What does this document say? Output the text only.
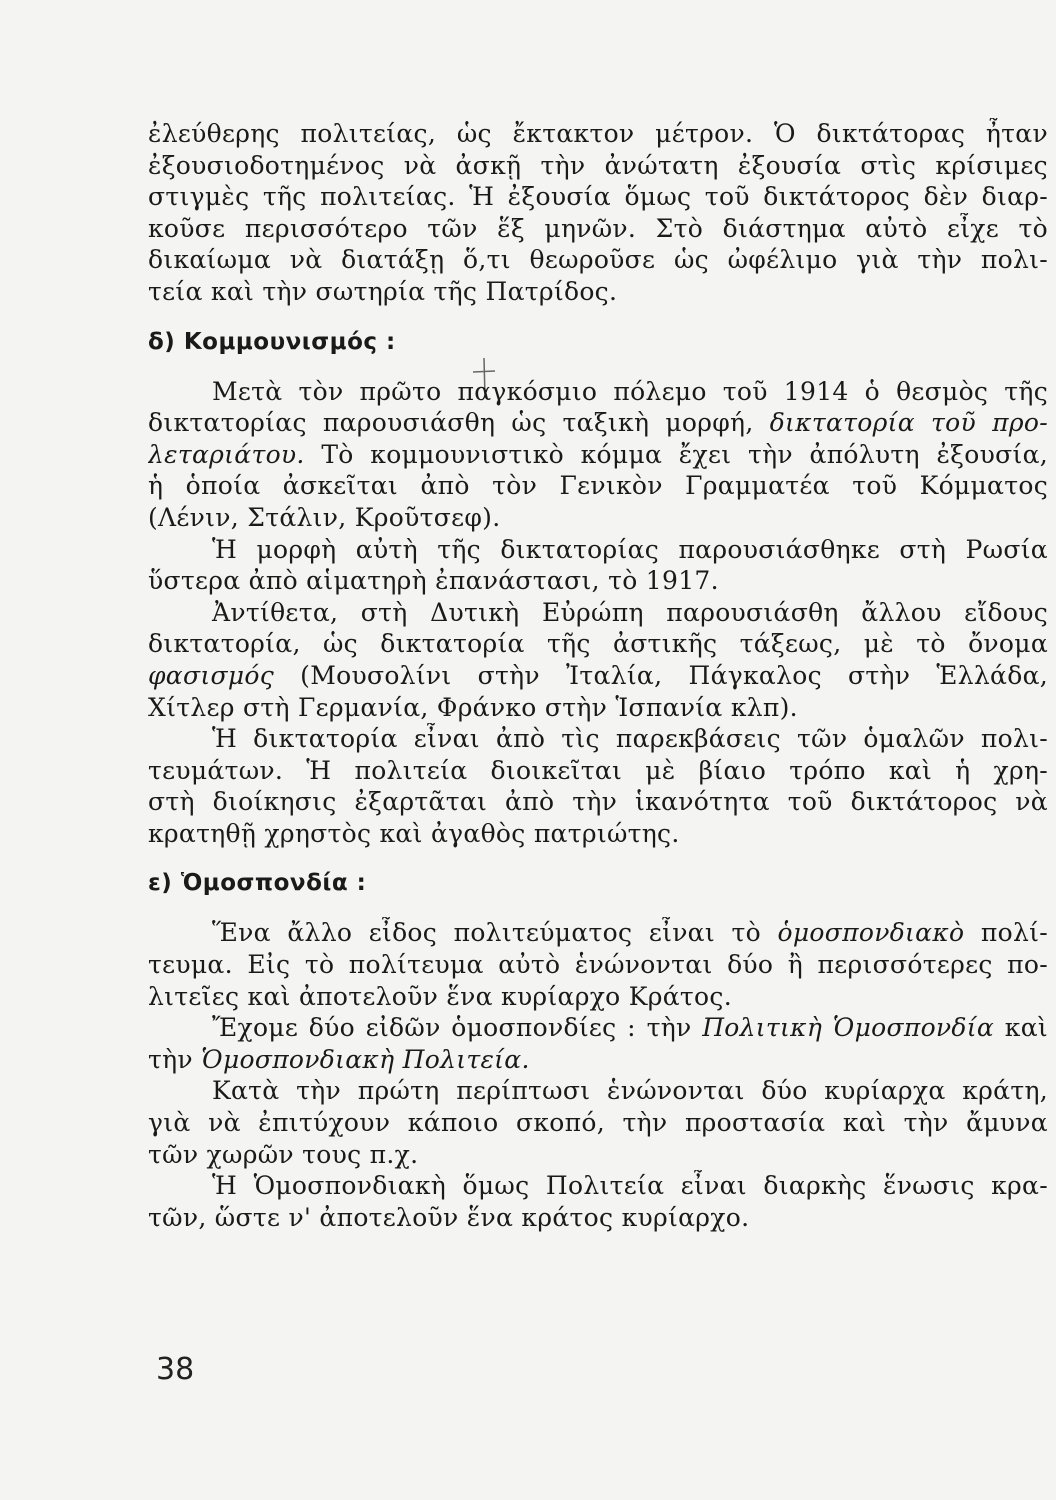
ἐλεύθερης πολιτείας, ὡς ἔκτακτον μέτρον. Ὁ δικτάτορας ἦταν
ἐξουσιοδοτημένος νὰ ἀσκῇ τὴν ἀνώτατη ἐξουσία στὶς κρίσιμες
στιγμὲς τῆς πολιτείας. Ἡ ἐξουσία ὅμως τοῦ δικτάτορος δὲν διαρ-
κοῦσε περισσότερο τῶν ἕξ μηνῶν. Στὸ διάστημα αὐτὸ εἶχε τὸ
δικαίωμα νὰ διατάξῃ ὅ,τι θεωροῦσε ὡς ὠφέλιμο γιὰ τὴν πολι-
τεία καὶ τὴν σωτηρία τῆς Πατρίδος.
δ) Κομμουνισμός :
Μετὰ τὸν πρῶτο παγκόσμιο πόλεμο τοῦ 1914 ὁ θεσμὸς τῆς
δικτατορίας παρουσιάσθη ὡς ταξικὴ μορφή, δικτατορία τοῦ προ-
λεταριάτου. Τὸ κομμουνιστικὸ κόμμα ἔχει τὴν ἀπόλυτη ἐξουσία,
ἡ ὁποία ἀσκεῖται ἀπὸ τὸν Γενικὸν Γραμματέα τοῦ Κόμματος
(Λένιν, Στάλιν, Κροῦτσεφ).
Ἡ μορφὴ αὐτὴ τῆς δικτατορίας παρουσιάσθηκε στὴ Ρωσία
ὕστερα ἀπὸ αἱματηρὴ ἐπανάστασι, τὸ 1917.
Ἀντίθετα, στὴ Δυτικὴ Εὐρώπη παρουσιάσθη ἄλλου εἴδους
δικτατορία, ὡς δικτατορία τῆς ἀστικῆς τάξεως, μὲ τὸ ὄνομα
φασισμός (Μουσολίνι στὴν Ἰταλία, Πάγκαλος στὴν Ἑλλάδα,
Χίτλερ στὴ Γερμανία, Φράνκο στὴν Ἱσπανία κλπ).
Ἡ δικτατορία εἶναι ἀπὸ τὶς παρεκβάσεις τῶν ὁμαλῶν πολι-
τευμάτων. Ἡ πολιτεία διοικεῖται μὲ βίαιο τρόπο καὶ ἡ χρη-
στὴ διοίκησις ἐξαρτᾶται ἀπὸ τὴν ἱκανότητα τοῦ δικτάτορος νὰ
κρατηθῇ χρηστὸς καὶ ἀγαθὸς πατριώτης.
ε) Ὁμοσπονδία :
Ἕνα ἄλλο εἶδος πολιτεύματος εἶναι τὸ ὁμοσπονδιακὸ πολί-
τευμα. Εἰς τὸ πολίτευμα αὐτὸ ἑνώνονται δύο ἢ περισσότερες πο-
λιτεῖες καὶ ἀποτελοῦν ἕνα κυρίαρχο Κράτος.
Ἔχομε δύο εἰδῶν ὁμοσπονδίες : τὴν Πολιτικὴ Ὁμοσπονδία καὶ
τὴν Ὁμοσπονδιακὴ Πολιτεία.
Κατὰ τὴν πρώτη περίπτωσι ἑνώνονται δύο κυρίαρχα κράτη,
γιὰ νὰ ἐπιτύχουν κάποιο σκοπό, τὴν προστασία καὶ τὴν ἄμυνα
τῶν χωρῶν τους π.χ.
Ἡ Ὁμοσπονδιακὴ ὅμως Πολιτεία εἶναι διαρκὴς ἕνωσις κρα-
τῶν, ὥστε ν' ἀποτελοῦν ἕνα κράτος κυρίαρχο.
38
